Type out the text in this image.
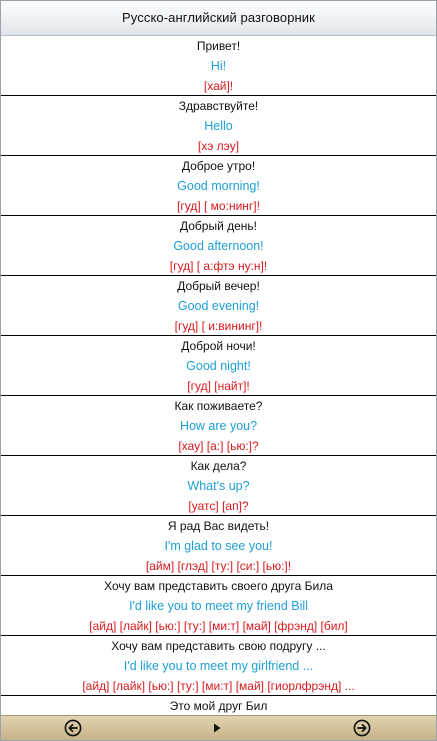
Русско-английский разговорник
Привет!
Hi!
[хай]!
Здравствуйте!
Hello
[хэ лэу]
Доброе утро!
Good morning!
[гуд] [ мо:нинг]!
Добрый день!
Good afternoon!
[гуд] [ а:фтэ ну:н]!
Добрый вечер!
Good evening!
[гуд] [ и:вининг]!
Доброй ночи!
Good night!
[гуд] [найт]!
Как поживаете?
How are you?
[хау] [а:] [ью:]?
Как дела?
What's up?
[уатс] [ап]?
Я рад Вас видеть!
I'm glad to see you!
[айм] [глэд] [ту:] [си:] [ью:]!
Хочу вам представить своего друга Била
I'd like you to meet my friend Bill
[айд] [лайк] [ью:] [ту:] [ми:т] [май] [фрэнд] [бил]
Хочу вам представить свою подругу ...
I'd like you to meet my girlfriend ...
[айд] [лайк] [ью:] [ту:] [ми:т] [май] [гиорлфрэнд] ...
Это мой друг Бил
